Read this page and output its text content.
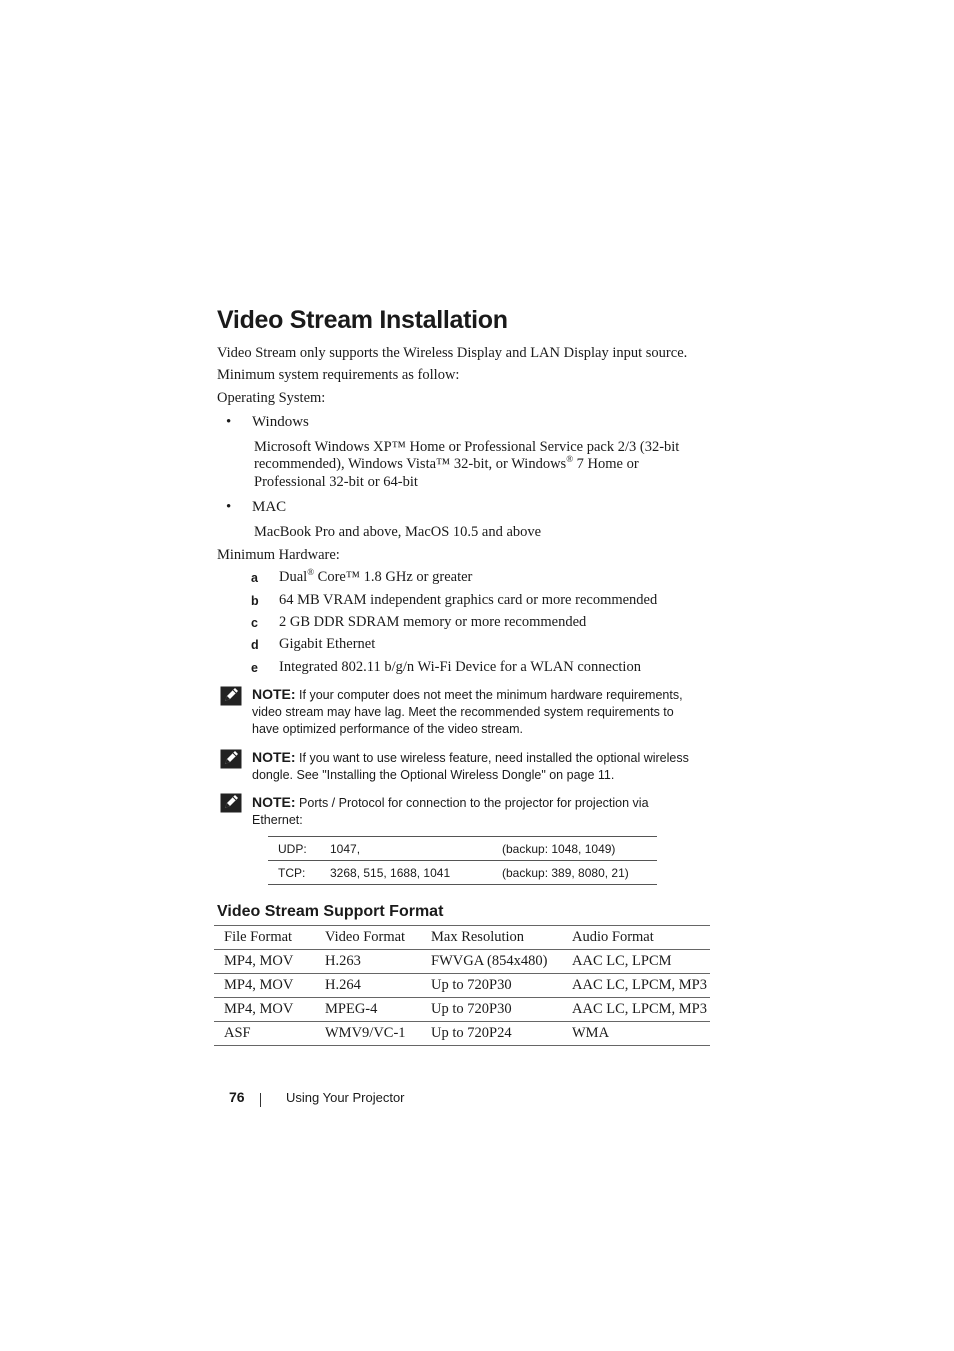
Video Stream Installation
Video Stream only supports the Wireless Display and LAN Display input source.
Minimum system requirements as follow:
Operating System:
• Windows
Microsoft Windows XP™ Home or Professional Service pack 2/3 (32-bit
recommended), Windows Vista™ 32-bit, or Windows® 7 Home or
Professional 32-bit or 64-bit
• MAC
MacBook Pro and above, MacOS 10.5 and above
Minimum Hardware:
a	Dual® Core™ 1.8 GHz or greater
b	64 MB VRAM independent graphics card or more recommended
c	2 GB DDR SDRAM memory or more recommended
d	Gigabit Ethernet
e	Integrated 802.11 b/g/n Wi-Fi Device for a WLAN connection
NOTE: If your computer does not meet the minimum hardware requirements,
video stream may have lag. Meet the recommended system requirements to
have optimized performance of the video stream.
NOTE: If you want to use wireless feature, need installed the optional wireless
dongle. See "Installing the Optional Wireless Dongle" on page 11.
NOTE: Ports / Protocol for connection to the projector for projection via
Ethernet:
UDP:	1047,	(backup: 1048, 1049)
TCP:	3268, 515, 1688, 1041	(backup: 389, 8080, 21)
Video Stream Support Format
File Format	Video Format	Max Resolution	Audio Format
MP4, MOV	H.263	FWVGA (854x480)	AAC LC, LPCM
MP4, MOV	H.264	Up to 720P30	AAC LC, LPCM, MP3
MP4, MOV	MPEG-4	Up to 720P30	AAC LC, LPCM, MP3
ASF	WMV9/VC-1	Up to 720P24	WMA
76	Using Your Projector
